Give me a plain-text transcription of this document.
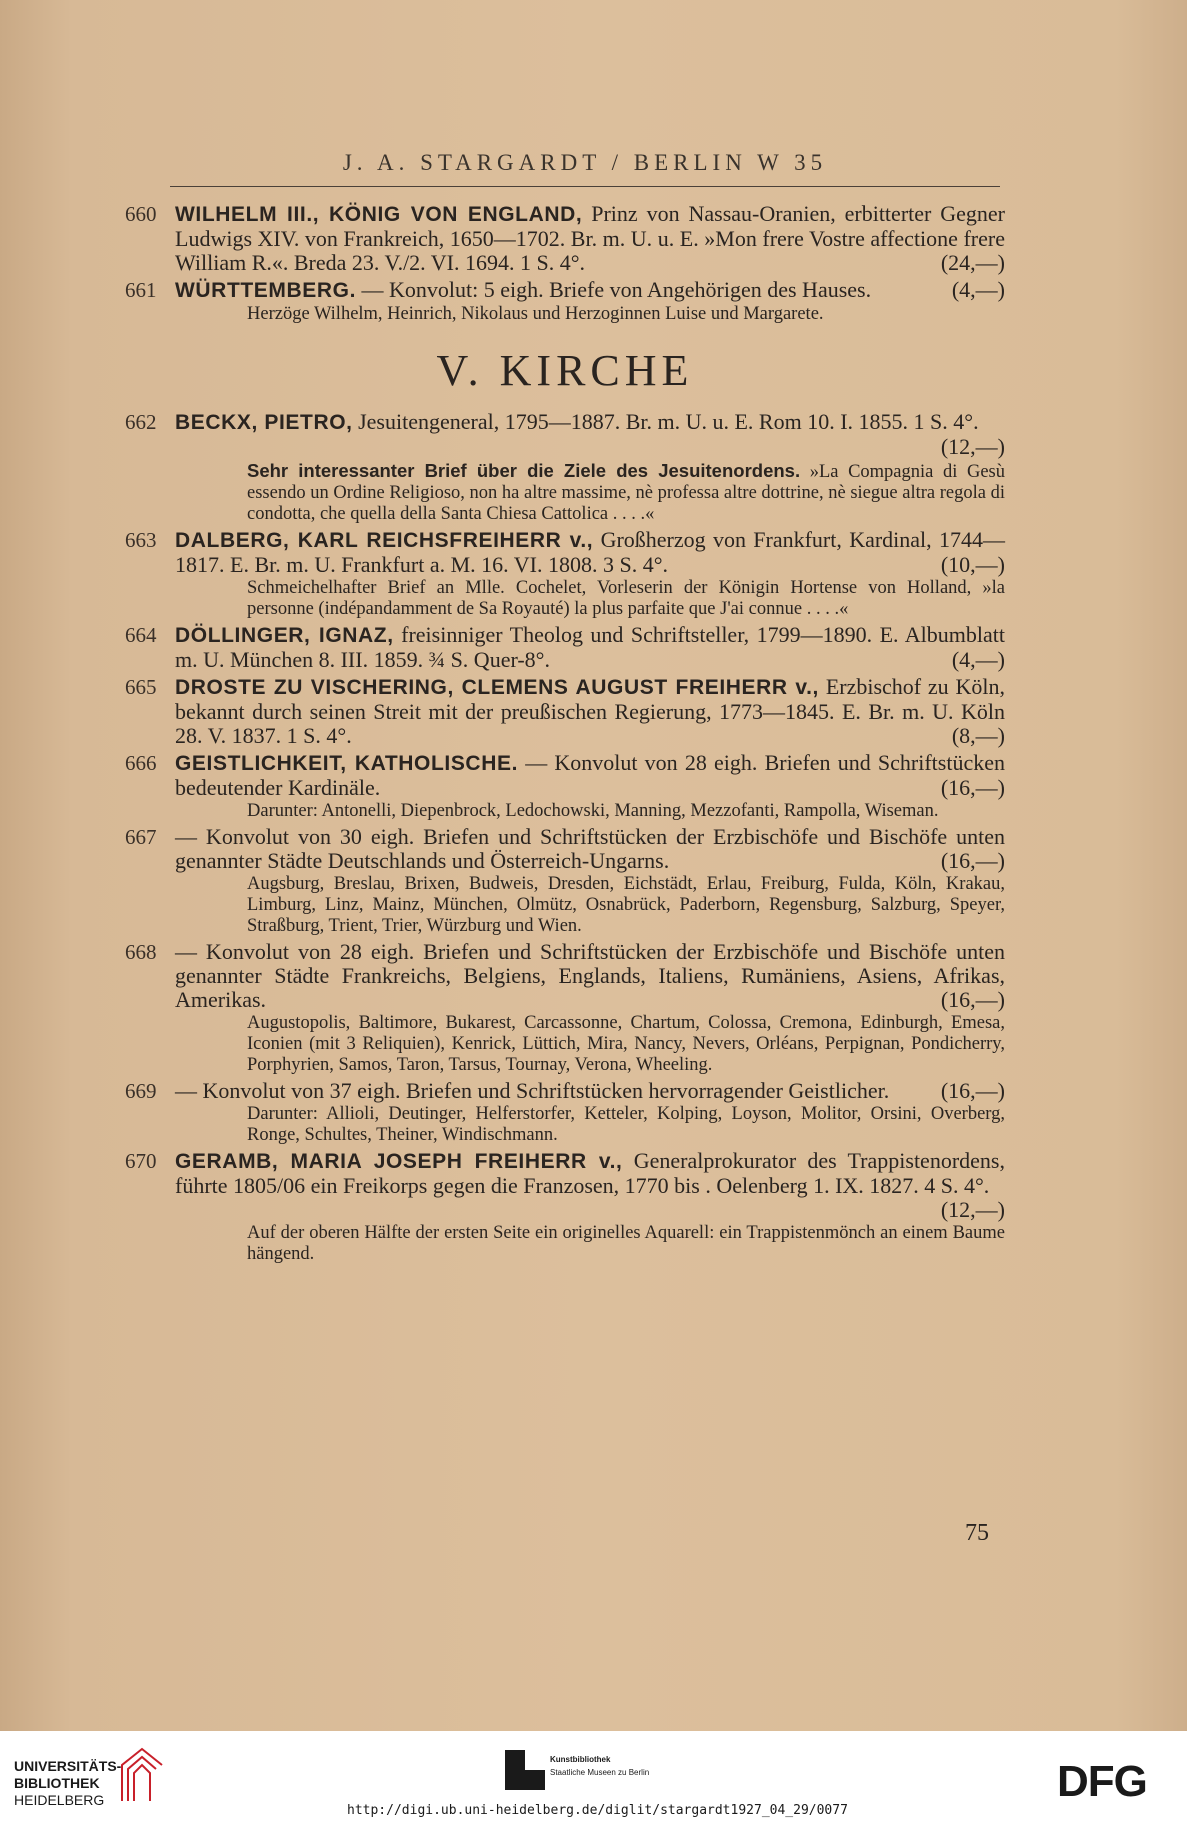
J. A. STARGARDT / BERLIN W 35
660 WILHELM III., KÖNIG VON ENGLAND, Prinz von Nassau-Oranien, erbitterter Gegner Ludwigs XIV. von Frankreich, 1650—1702. Br. m. U. u. E. »Mon frere Vostre affectione frere William R.«. Breda 23. V./2. VI. 1694. 1 S. 4°.	(24,—)
661 WÜRTTEMBERG. — Konvolut: 5 eigh. Briefe von Angehörigen des Hauses.	(4,—)
Herzöge Wilhelm, Heinrich, Nikolaus und Herzoginnen Luise und Margarete.
V. KIRCHE
662 BECKX, PIETRO, Jesuitengeneral, 1795—1887. Br. m. U. u. E. Rom 10. I. 1855. 1 S. 4°.
(12,—)
Sehr interessanter Brief über die Ziele des Jesuitenordens. »La Compagnia di Gesù essendo un Ordine Religioso, non ha altre massime, nè professa altre dottrine, nè siegue altra regola di condotta, che quella della Santa Chiesa Cattolica . . . .«
663 DALBERG, KARL REICHSFREIHERR v., Großherzog von Frankfurt, Kardinal, 1744—1817. E. Br. m. U. Frankfurt a. M. 16. VI. 1808. 3 S. 4°.	(10,—)
Schmeichelhafter Brief an Mlle. Cochelet, Vorleserin der Königin Hortense von Holland, »la personne (indépandamment de Sa Royauté) la plus parfaite que J'ai connue . . . .«
664 DÖLLINGER, IGNAZ, freisinniger Theolog und Schriftsteller, 1799—1890. E. Albumblatt m. U. München 8. III. 1859. ¾ S. Quer-8°.	(4,—)
665 DROSTE ZU VISCHERING, CLEMENS AUGUST FREIHERR v., Erzbischof zu Köln, bekannt durch seinen Streit mit der preußischen Regierung, 1773—1845. E. Br. m. U. Köln 28. V. 1837. 1 S. 4°.	(8,—)
666 GEISTLICHKEIT, KATHOLISCHE. — Konvolut von 28 eigh. Briefen und Schriftstücken bedeutender Kardinäle.	(16,—)
Darunter: Antonelli, Diepenbrock, Ledochowski, Manning, Mezzofanti, Rampolla, Wiseman.
667 — Konvolut von 30 eigh. Briefen und Schriftstücken der Erzbischöfe und Bischöfe unten genannter Städte Deutschlands und Österreich-Ungarns.	(16,—)
Augsburg, Breslau, Brixen, Budweis, Dresden, Eichstädt, Erlau, Freiburg, Fulda, Köln, Krakau, Limburg, Linz, Mainz, München, Olmütz, Osnabrück, Paderborn, Regensburg, Salzburg, Speyer, Straßburg, Trient, Trier, Würzburg und Wien.
668 — Konvolut von 28 eigh. Briefen und Schriftstücken der Erzbischöfe und Bischöfe unten genannter Städte Frankreichs, Belgiens, Englands, Italiens, Rumäniens, Asiens, Afrikas, Amerikas.	(16,—)
Augustopolis, Baltimore, Bukarest, Carcassonne, Chartum, Colossa, Cremona, Edinburgh, Emesa, Iconien (mit 3 Reliquien), Kenrick, Lüttich, Mira, Nancy, Nevers, Orléans, Perpignan, Pondicherry, Porphyrien, Samos, Taron, Tarsus, Tournay, Verona, Wheeling.
669 — Konvolut von 37 eigh. Briefen und Schriftstücken hervorragender Geistlicher. (16,—)
Darunter: Allioli, Deutinger, Helferstorfer, Ketteler, Kolping, Loyson, Molitor, Orsini, Overberg, Ronge, Schultes, Theiner, Windischmann.
670 GERAMB, MARIA JOSEPH FREIHERR v., Generalprokurator des Trappistenordens, führte 1805/06 ein Freikorps gegen die Franzosen, 1770 bis . Oelenberg 1. IX. 1827. 4 S. 4°.
(12,—)
Auf der oberen Hälfte der ersten Seite ein originelles Aquarell: ein Trappistenmönch an einem Baume hängend.
75
UNIVERSITÄTS-
BIBLIOTHEK
HEIDELBERG
Kunstbibliothek
Staatliche Museen zu Berlin	DFG
http://digi.ub.uni-heidelberg.de/diglit/stargardt1927_04_29/0077
